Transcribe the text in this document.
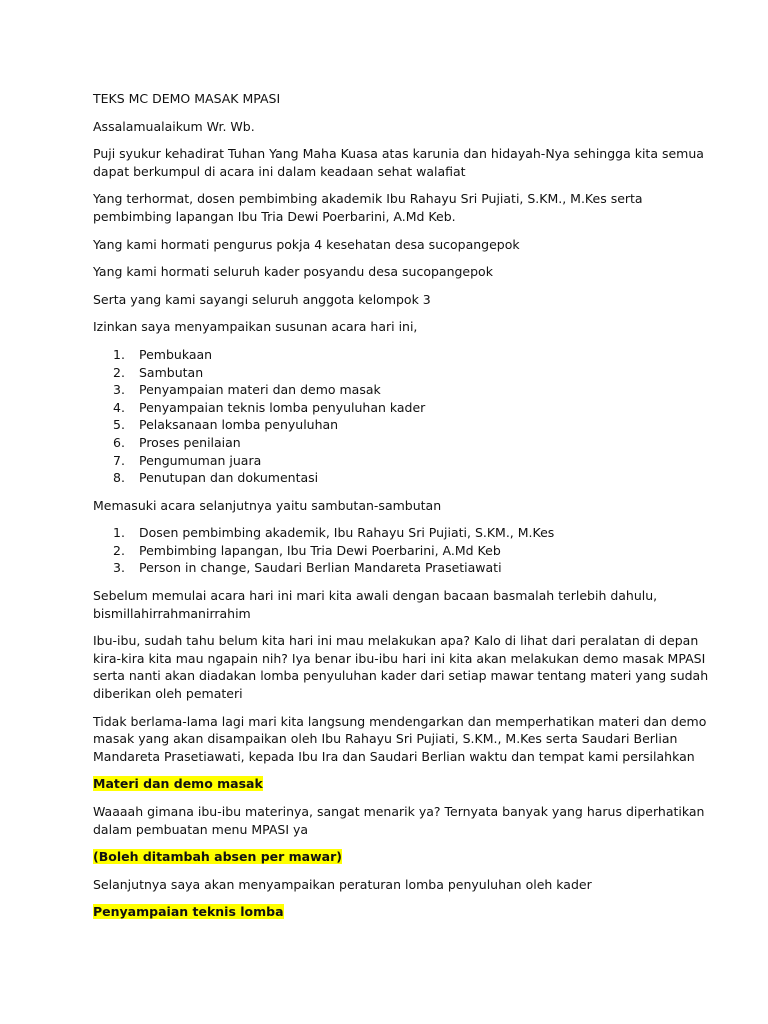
TEKS MC DEMO MASAK MPASI

Assalamualaikum Wr. Wb.

Puji syukur kehadirat Tuhan Yang Maha Kuasa atas karunia dan hidayah-Nya sehingga kita semua

dapat berkumpul di acara ini dalam keadaan sehat walafiat

Yang terhormat, dosen pembimbing akademik Ibu Rahayu Sri Pujiati, S.KM., M.Kes serta

pembimbing lapangan Ibu Tria Dewi Poerbarini, A.Md Keb.

Yang kami hormati pengurus pokja 4 kesehatan desa sucopangepok

Yang kami hormati seluruh kader posyandu desa sucopangepok

Serta yang kami sayangi seluruh anggota kelompok 3

Izinkan saya menyampaikan susunan acara hari ini,

1.	Pembukaan
2.	Sambutan
3.	Penyampaian materi dan demo masak
4.	Penyampaian teknis lomba penyuluhan kader
5.	Pelaksanaan lomba penyuluhan
6.	Proses penilaian
7.	Pengumuman juara
8.	Penutupan dan dokumentasi

Memasuki acara selanjutnya yaitu sambutan-sambutan

1.	Dosen pembimbing akademik, Ibu Rahayu Sri Pujiati, S.KM., M.Kes
2.	Pembimbing lapangan, Ibu Tria Dewi Poerbarini, A.Md Keb
3.	Person in change, Saudari Berlian Mandareta Prasetiawati

Sebelum memulai acara hari ini mari kita awali dengan bacaan basmalah terlebih dahulu,

bismillahirrahmanirrahim

Ibu-ibu, sudah tahu belum kita hari ini mau melakukan apa? Kalo di lihat dari peralatan di depan

kira-kira kita mau ngapain nih? Iya benar ibu-ibu hari ini kita akan melakukan demo masak MPASI

serta nanti akan diadakan lomba penyuluhan kader dari setiap mawar tentang materi yang sudah

diberikan oleh pemateri

Tidak berlama-lama lagi mari kita langsung mendengarkan dan memperhatikan materi dan demo

masak yang akan disampaikan oleh Ibu Rahayu Sri Pujiati, S.KM., M.Kes serta Saudari Berlian

Mandareta Prasetiawati, kepada Ibu Ira dan Saudari Berlian waktu dan tempat kami persilahkan

Materi dan demo masak

Waaaah gimana ibu-ibu materinya, sangat menarik ya? Ternyata banyak yang harus diperhatikan

dalam pembuatan menu MPASI ya

(Boleh ditambah absen per mawar)

Selanjutnya saya akan menyampaikan peraturan lomba penyuluhan oleh kader

Penyampaian teknis lomba
